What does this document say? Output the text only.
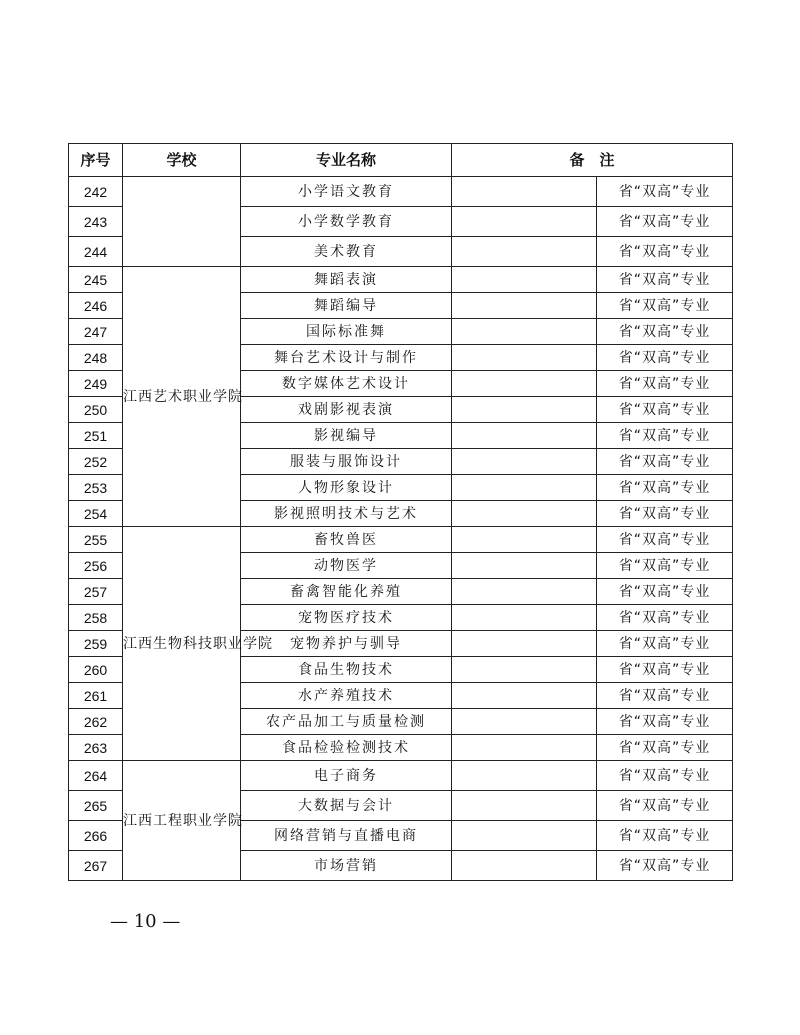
序号	学校	专业名称	备　注	
242		小学语文教育		省“双高”专业
243		小学数学教育		省“双高”专业
244		美术教育		省“双高”专业
245	江西艺术职业学院	舞蹈表演		省“双高”专业
246		舞蹈编导		省“双高”专业
247		国际标准舞		省“双高”专业
248		舞台艺术设计与制作		省“双高”专业
249		数字媒体艺术设计		省“双高”专业
250		戏剧影视表演		省“双高”专业
251		影视编导		省“双高”专业
252		服装与服饰设计		省“双高”专业
253		人物形象设计		省“双高”专业
254		影视照明技术与艺术		省“双高”专业
255	江西生物科技职业学院	畜牧兽医		省“双高”专业
256		动物医学		省“双高”专业
257		畜禽智能化养殖		省“双高”专业
258		宠物医疗技术		省“双高”专业
259		宠物养护与驯导		省“双高”专业
260		食品生物技术		省“双高”专业
261		水产养殖技术		省“双高”专业
262		农产品加工与质量检测		省“双高”专业
263		食品检验检测技术		省“双高”专业
264	江西工程职业学院	电子商务		省“双高”专业
265		大数据与会计		省“双高”专业
266		网络营销与直播电商		省“双高”专业
267		市场营销		省“双高”专业
— 10 —
